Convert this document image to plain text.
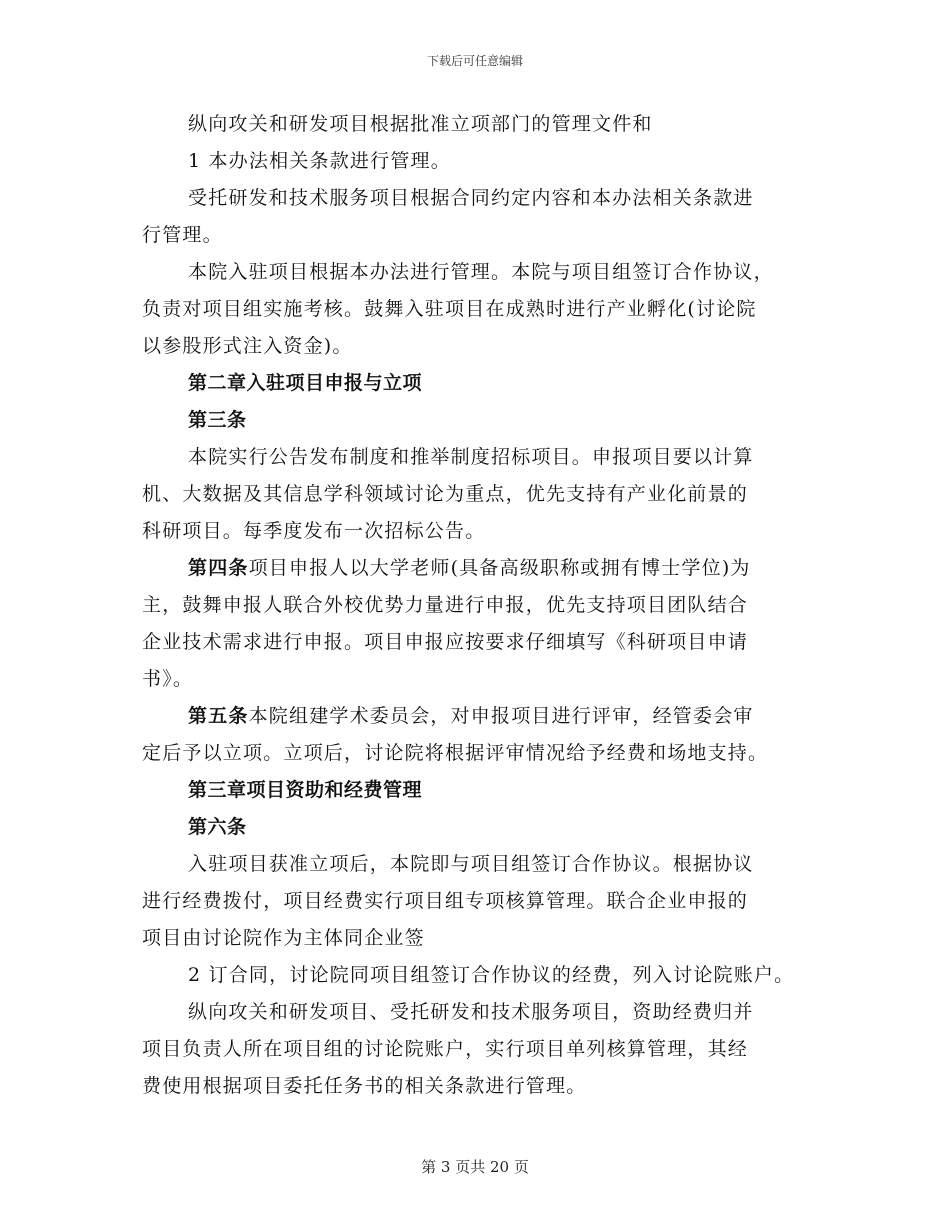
下载后可任意编辑
纵向攻关和研发项目根据批准立项部门的管理文件和
1 本办法相关条款进行管理。
受托研发和技术服务项目根据合同约定内容和本办法相关条款进
行管理。
本院入驻项目根据本办法进行管理。本院与项目组签订合作协议，
负责对项目组实施考核。鼓舞入驻项目在成熟时进行产业孵化(讨论院
以参股形式注入资金)。
第二章入驻项目申报与立项
第三条
本院实行公告发布制度和推举制度招标项目。申报项目要以计算
机、大数据及其信息学科领域讨论为重点，优先支持有产业化前景的
科研项目。每季度发布一次招标公告。
第四条项目申报人以大学老师(具备高级职称或拥有博士学位)为
主，鼓舞申报人联合外校优势力量进行申报，优先支持项目团队结合
企业技术需求进行申报。项目申报应按要求仔细填写《科研项目申请
书》。
第五条本院组建学术委员会，对申报项目进行评审，经管委会审
定后予以立项。立项后，讨论院将根据评审情况给予经费和场地支持。
第三章项目资助和经费管理
第六条
入驻项目获准立项后，本院即与项目组签订合作协议。根据协议
进行经费拨付，项目经费实行项目组专项核算管理。联合企业申报的
项目由讨论院作为主体同企业签
2 订合同，讨论院同项目组签订合作协议的经费，列入讨论院账户。
纵向攻关和研发项目、受托研发和技术服务项目，资助经费归并
项目负责人所在项目组的讨论院账户，实行项目单列核算管理，其经
费使用根据项目委托任务书的相关条款进行管理。
第 3 页共 20 页
